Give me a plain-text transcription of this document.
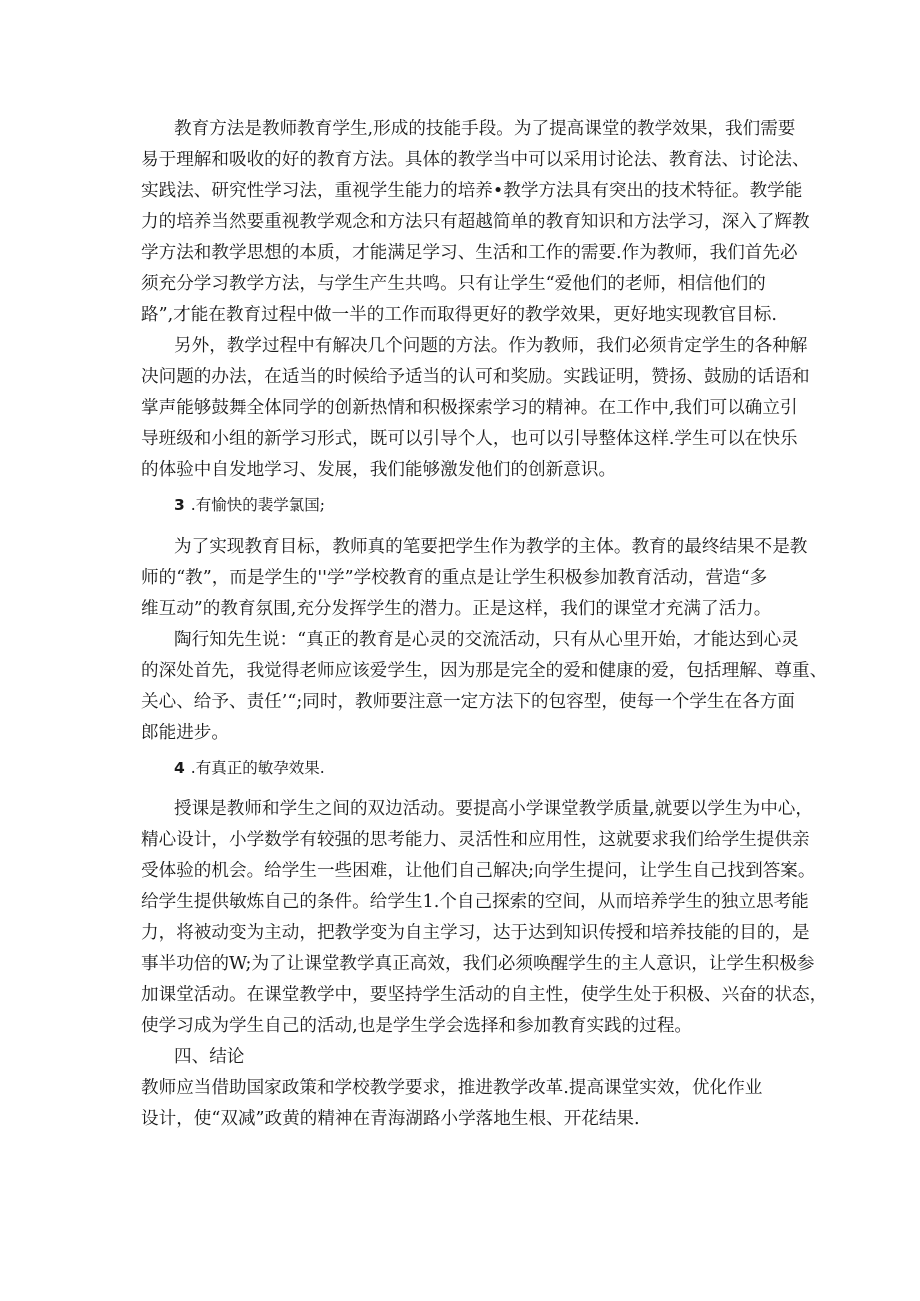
教育方法是教师教育学生,形成的技能手段。为了提高课堂的教学效果，我们需要
易于理解和吸收的好的教育方法。具体的教学当中可以采用讨论法、教育法、讨论法、
实践法、研究性学习法，重视学生能力的培养•教学方法具有突出的技术特征。教学能
力的培养当然要重视教学观念和方法只有超越简单的教育知识和方法学习，深入了辉教
学方法和教学思想的本质，才能满足学习、生活和工作的需要.作为教师，我们首先必
须充分学习教学方法，与学生产生共鸣。只有让学生“爱他们的老师，相信他们的
路”,才能在教育过程中做一半的工作而取得更好的教学效果，更好地实现教官目标.
另外，教学过程中有解决几个问题的方法。作为教师，我们必须肯定学生的各种解
决问题的办法，在适当的时候给予适当的认可和奖励。实践证明，赞扬、鼓励的话语和
掌声能够鼓舞全体同学的创新热情和积极探索学习的精神。在工作中,我们可以确立引
导班级和小组的新学习形式，既可以引导个人，也可以引导整体这样.学生可以在快乐
的体验中自发地学习、发展，我们能够激发他们的创新意识。
3 .有愉快的裴学氯国;
为了实现教育目标，教师真的笔要把学生作为教学的主体。教育的最终结果不是教
师的“教”，而是学生的''学”学校教育的重点是让学生积极参加教育活动，营造“多
维互动”的教育氛围,充分发挥学生的潜力。正是这样，我们的课堂才充满了活力。
陶行知先生说：“真正的教育是心灵的交流活动，只有从心里开始，才能达到心灵
的深处首先，我觉得老师应该爱学生，因为那是完全的爱和健康的爱，包括理解、尊重、
关心、给予、责任’“;同时，教师要注意一定方法下的包容型，使每一个学生在各方面
郎能进步。
4 .有真正的敏孕效果.
授课是教师和学生之间的双边活动。要提高小学课堂教学质量,就要以学生为中心，
精心设计，小学数学有较强的思考能力、灵活性和应用性，这就要求我们给学生提供亲
受体验的机会。给学生一些困难，让他们自己解决;向学生提问，让学生自己找到答案。
给学生提供敏炼自己的条件。给学生1.个自己探索的空间，从而培养学生的独立思考能
力，将被动变为主动，把教学变为自主学习，达于达到知识传授和培养技能的目的，是
事半功倍的W;为了让课堂教学真正高效，我们必须唤醒学生的主人意识，让学生积极参
加课堂活动。在课堂教学中，要坚持学生活动的自主性，使学生处于积极、兴奋的状态，
使学习成为学生自己的活动,也是学生学会选择和参加教育实践的过程。
四、结论
教师应当借助国家政策和学校教学要求，推进教学改革.提高课堂实效，优化作业
设计，使“双减”政黄的精神在青海湖路小学落地生根、开花结果.
